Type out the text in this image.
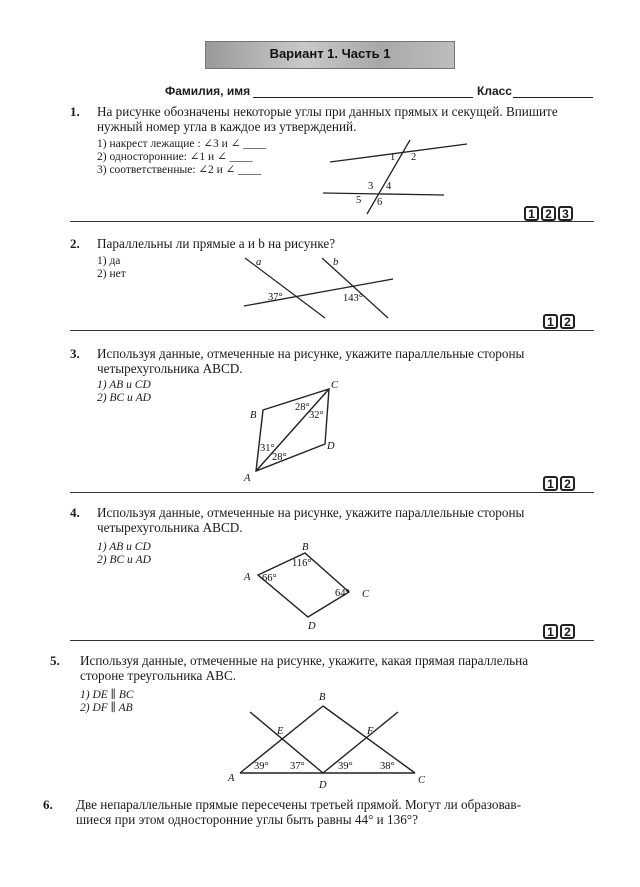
Вариант 1. Часть 1
Фамилия, имя	Класс
1. На рисунке обозначены некоторые углы при данных прямых и секущей. Впишите
нужный номер угла в каждое из утверждений.
1) накрест лежащие : ∠3 и ∠ ____
2) односторонние: ∠1 и ∠ ____
3) соответственные: ∠2 и ∠ ____
1 2
3 4
5 6
a	b
37°	143°
A
B
C
D
28°
32°
31°
28°
A
B
C
D
116°
66°
64°
A
B
C
D
E	F
39° 37°	39°	38°
1 2 3
2. Параллельны ли прямые a и b на рисунке?
1) да
2) нет
1 2
3. Используя данные, отмеченные на рисунке, укажите параллельные стороны
четырехугольника ABCD.
1) AB и CD
2) BC и AD
1 2
4. Используя данные, отмеченные на рисунке, укажите параллельные стороны
четырехугольника ABCD.
1) AB и CD
2) BC и AD
1 2
5. Используя данные, отмеченные на рисунке, укажите, какая прямая параллельна
стороне треугольника ABC.
1) DE ∥ BC
2) DF ∥ AB
6. Две непараллельные прямые пересечены третьей прямой. Могут ли образовав-
шиеся при этом односторонние углы быть равны 44° и 136°?
